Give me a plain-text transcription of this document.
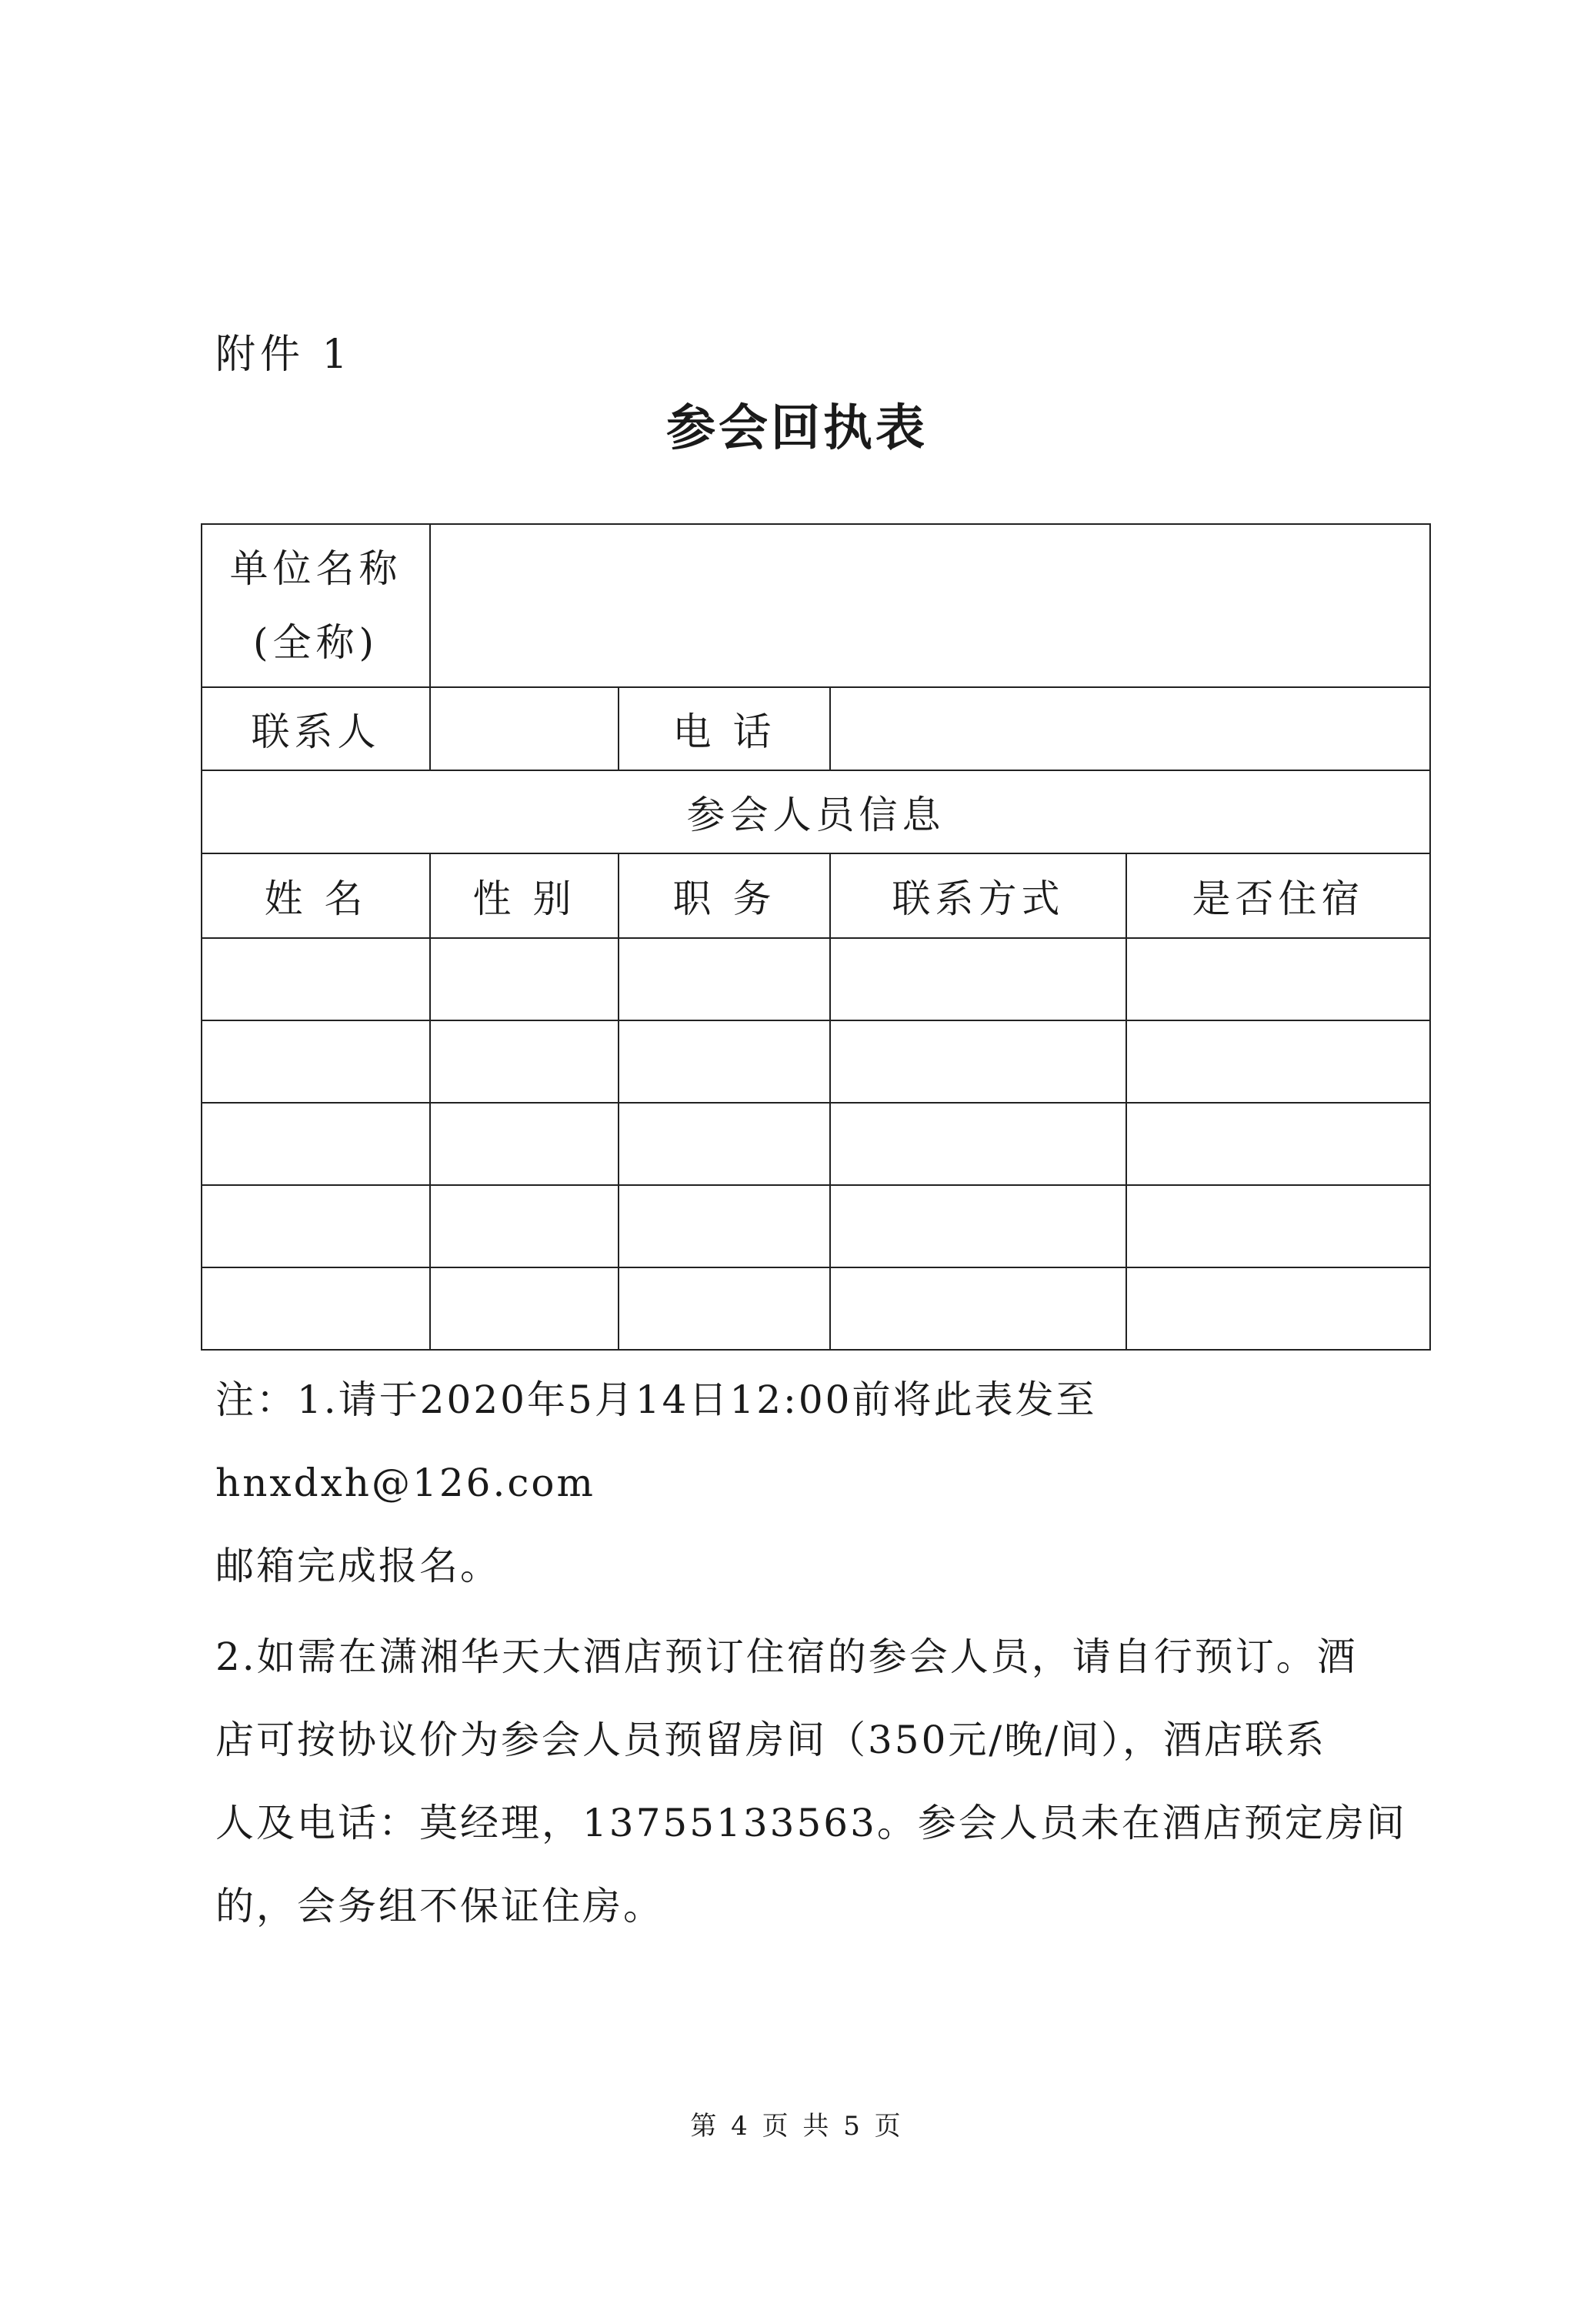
附件 1
参会回执表
单位名称
(全称)				

联系人		电 话		
参会人员信息				
姓 名	性 别	职 务	联系方式	是否住宿

注：1.请于2020年5月14日12:00前将此表发至 hnxdxh@126.com

邮箱完成报名。

2.如需在潇湘华天大酒店预订住宿的参会人员，请自行预订。酒

店可按协议价为参会人员预留房间（350元/晚/间），酒店联系

人及电话：莫经理，13755133563。参会人员未在酒店预定房间

的，会务组不保证住房。

第 4 页 共 5 页
